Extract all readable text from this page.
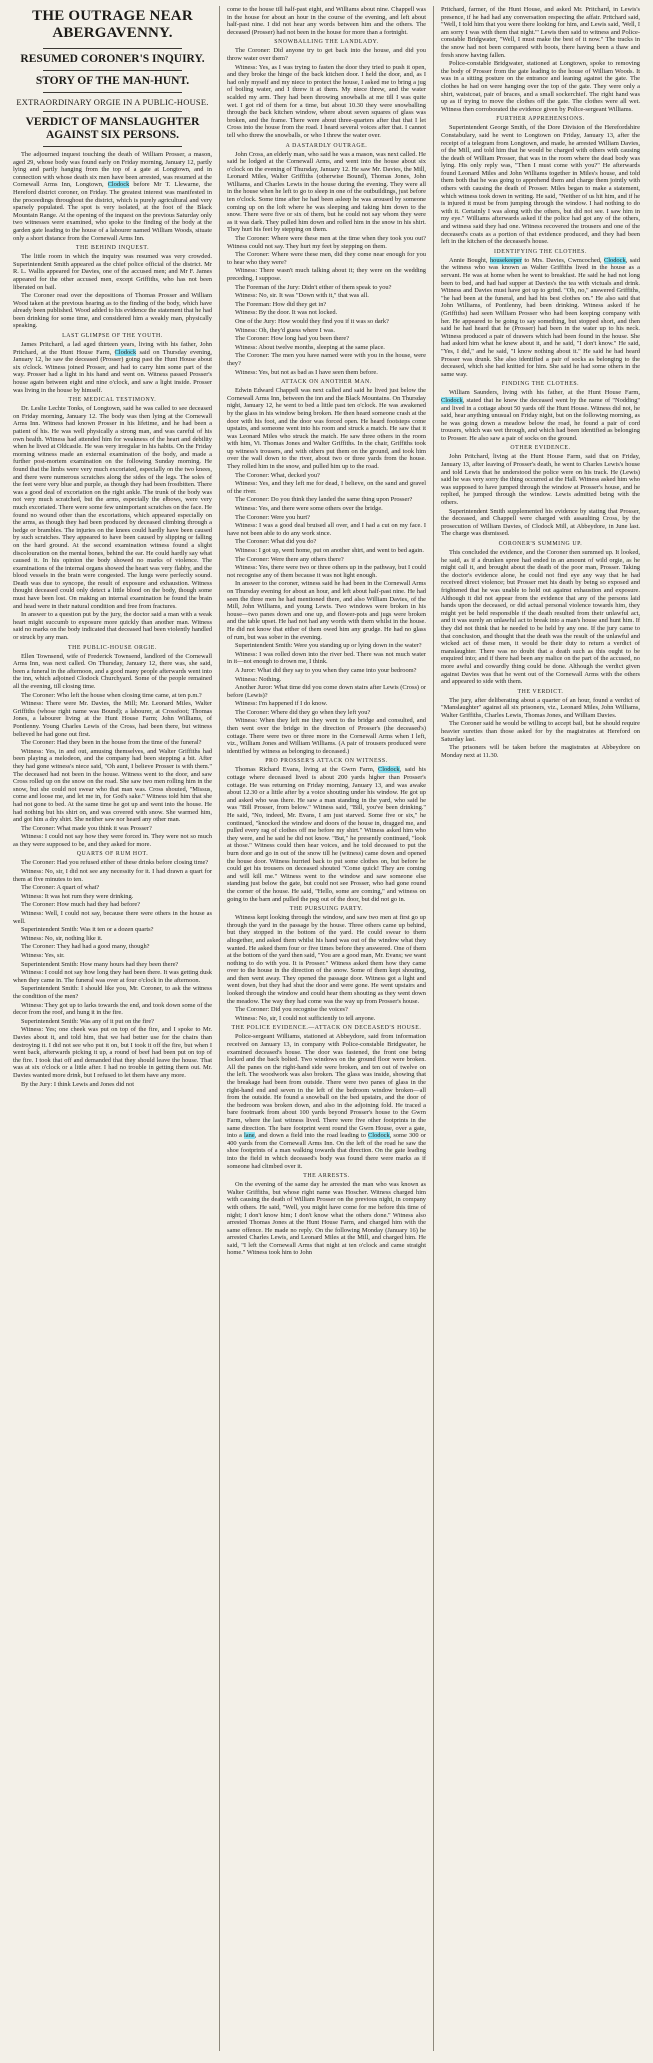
THE OUTRAGE NEAR ABERGAVENNY.
RESUMED CORONER'S INQUIRY.
STORY OF THE MAN-HUNT.
EXTRAORDINARY ORGIE IN A PUBLIC-HOUSE.
VERDICT OF MANSLAUGHTER AGAINST SIX PERSONS.

The adjourned inquest touching the death of William Prosser, a mason, aged 29, whose body was found early on Friday morning, January 12, partly lying and partly hanging from the top of a gate at Longtown, and in connection with whose death six men have been arrested, was resumed at the Cornewall Arms Inn, Longtown, Clodock before Mr T. Llewarne, the Hereford district coroner, on Friday. The greatest interest was manifested in the proceedings throughout the district, which is purely agricultural and very sparsely populated. The spot is very isolated, at the foot of the Black Mountain Range. At the opening of the inquest on the previous Saturday only two witnesses were examined, who spoke to the finding of the body at the garden gate leading to the house of a labourer named William Woods, situate only a short distance from the Cornewall Arms Inn.

THE BEHIND INQUEST.

The little room in which the inquiry was resumed was very crowded. Superintendent Smith appeared as the chief police official of the district. Mr R. L. Wallis appeared for Davies, one of the accused men; and Mr F. James appeared for the other accused men, except Griffiths, who has not been liberated on bail.

The Coroner read over the depositions of Thomas Prosser and William Wood taken at the previous hearing as to the finding of the body, which have already been published. Wood added to his evidence the statement that he had been drinking for some time, and considered him a weakly man, physically speaking.

LAST GLIMPSE OF THE YOUTH.

James Pritchard, a lad aged thirteen years, living with his father, John Pritchard, at the Hunt House Farm, Clodock said on Thursday evening, January 12, he saw the deceased (Prosser) going past the Hunt House about six o'clock. Witness joined Prosser, and had to carry him some part of the way. Prosser had a light in his hand and went on. Witness passed Prosser's house again between eight and nine o'clock, and saw a light inside. Prosser was living in the house by himself.

THE MEDICAL TESTIMONY.

Dr. Leslie Lechte Tonks, of Longtown, said he was called to see deceased on Friday morning, January 12. The body was then lying at the Cornewall Arms Inn. Witness had known Prosser in his lifetime, and he had been a patient of his. He was well physically a strong man, and was careful of his own health. Witness had attended him for weakness of the heart and debility when he lived at Oldcastle. He was very irregular in his habits. On the Friday morning witness made an external examination of the body, and made a further post-mortem examination on the following Sunday morning. He found that the limbs were very much excoriated, especially on the two knees, and there were numerous scratches along the sides of the legs. The soles of the feet were very blue and purple, as though they had been frostbitten. There was a good deal of excoriation on the right ankle. The trunk of the body was not very much scratched, but the arms, especially the elbows, were very much excoriated. There were some few unimportant scratches on the face. He found no wound other than the excoriations, which appeared especially on the arms, as though they had been produced by deceased climbing through a hedge or brambles. The injuries on the knees could hardly have been caused by such scratches. They appeared to have been caused by slipping or falling on the hard ground. At the second examination witness found a slight discolouration on the mental bones, behind the ear. He could hardly say what caused it. In his opinion the body showed no marks of violence. The examinations of the internal organs showed the heart was very flabby, and the blood vessels in the brain were congested. The lungs were perfectly sound. Death was due to syncope, the result of exposure and exhaustion. Witness thought deceased could only detect a little blood on the body, though some must have been lost. On making an internal examination he found the brain and head were in their natural condition and free from fractures.

In answer to a question put by the jury, the doctor said a man with a weak heart might succumb to exposure more quickly than another man. Witness said no marks on the body indicated that deceased had been violently handled or struck by any man.

THE PUBLIC-HOUSE ORGIE.

Ellen Townsend, wife of Frederick Townsend, landlord of the Cornewall Arms Inn, was next called. On Thursday, January 12, there was, she said, been a funeral in the afternoon, and a good many people afterwards went into the inn, which adjoined Clodock Churchyard. Some of the people remained all the evening, till closing time.

The Coroner: Who left the house when closing time came, at ten p.m.?

Witness: There were Mr. Davies, the Mill; Mr. Leonard Miles, Walter Griffiths (whose right name was Bound); a labourer, at Crossfoot; Thomas Jones, a labourer living at the Hunt House Farm; John Williams, of Pontlenny. Young Charles Lewis of the Cross, had been there, but witness believed he had gone out first.

The Coroner: Had they been in the house from the time of the funeral?

Witness: Yes, in and out, amusing themselves, and Walter Griffiths had been playing a melodeon, and the company had been stepping a bit. After they had gone witness's niece said, "Oh aunt, I believe Prosser is with them." The deceased had not been in the house. Witness went to the door, and saw Cross rolled up on the snow on the road. She saw two men rolling him in the snow, but she could not swear who that man was. Cross shouted, "Missus, come and loose me, and let me in, for God's sake." Witness told him that she had not gone to bed. At the same time he got up and went into the house. He had nothing but his shirt on, and was covered with snow. She warmed him, and got him a dry shirt. She neither saw nor heard any other man.

The Coroner: What made you think it was Prosser?

Witness: I could not say how they were forced in. They were not so much as they were supposed to be, and they asked for more.

QUARTS OF RUM HOT.

The Coroner: Had you refused either of these drinks before closing time?

Witness: No, sir, I did not see any necessity for it. I had drawn a quart for them at five minutes to ten.

The Coroner: A quart of what?

Witness: It was hot rum they were drinking.

The Coroner: How much had they had before?

Witness: Well, I could not say, because there were others in the house as well.

Superintendent Smith: Was it ten or a dozen quarts?

Witness: No, sir, nothing like it.

The Coroner: They had had a good many, though?

Witness: Yes, sir.

Superintendent Smith: How many hours had they been there?

Witness: I could not say how long they had been there. It was getting dusk when they came in. The funeral was over at four o'clock in the afternoon.

Superintendent Smith: I should like you, Mr. Coroner, to ask the witness the condition of the men?

Witness: They got up to larks towards the end, and took down some of the decor from the roof, and hung it in the fire.

Superintendent Smith: Was any of it put on the fire?

Witness: Yes; one cheek was put on top of the fire, and I spoke to Mr. Davies about it, and told him, that we had better use for the chairs than destroying it. I did not see who put it on, but I took it off the fire, but when I went back, afterwards picking it up, a round of beef had been put on top of the fire. I took that off and demanded that they should leave the house. That was at six o'clock or a little after. I had no trouble in getting them out. Mr. Davies wanted more drink, but I refused to let them have any more.

By the Jury: I think Lewis and Jones did not

come to the house till half-past eight, and Williams about nine. Chappell was in the house for about an hour in the course of the evening, and left about half-past nine. I did not hear any words between him and the others. The deceased (Prosser) had not been in the house for more than a fortnight.

SNOWBALLING THE LANDLADY.

The Coroner: Did anyone try to get back into the house, and did you throw water over them?

Witness: Yes, as I was trying to fasten the door they tried to push it open, and they broke the hinge of the back kitchen door. I held the door, and, as I had only myself and my niece to protect the house, I asked me to bring a jug of boiling water, and I threw it at them. My niece threw, and the water scalded my arm. They had been throwing snowballs at me till I was quite wet. I got rid of them for a time, but about 10.30 they were snowballing through the back kitchen window, where about seven squares of glass was broken, and the frame. There were about three-quarters after that that I let Cross into the house from the road. I heard several voices after that. I cannot tell who threw the snowballs, or who I threw the water over.

A DASTARDLY OUTRAGE.

John Cross, an elderly man, who said he was a mason, was next called. He said he lodged at the Cornewall Arms, and went into the house about six o'clock on the evening of Thursday, January 12. He saw Mr. Davies, the Mill, Leonard Miles, Walter Griffiths (otherwise Bound), Thomas Jones, John Williams, and Charles Lewis in the house during the evening. They were all in the house when he left to go to sleep in one of the outbuildings, just before ten o'clock. Some time after he had been asleep he was aroused by someone coming up on the loft where he was sleeping and taking him down to the snow. There were five or six of them, but he could not say whom they were as it was dark. They pulled him down and rolled him in the snow in his shirt. They hurt his feet by stepping on them.

The Coroner: Where were these men at the time when they took you out? Witness could not say. They hurt my feet by stepping on them.

The Coroner: Where were these men, did they come near enough for you to hear who they were?

Witness: There wasn't much talking about it; they were on the wedding preceding, I suppose.

The Foreman of the Jury: Didn't either of them speak to you?

Witness: No, sir. It was "Down with it," that was all.

The Foreman: How did they get in?

Witness: By the door. It was not locked.

One of the Jury: How would they find you if it was so dark?

Witness: Oh, they'd guess where I was.

The Coroner: How long had you been there?

Witness: About twelve months, sleeping at the same place.

The Coroner: The men you have named were with you in the house, were they?

Witness: Yes, but not as bad as I have seen them before.

ATTACK ON ANOTHER MAN.

Edwin Edward Chappell was next called and said he lived just below the Cornewall Arms Inn, between the inn and the Black Mountains. On Thursday night, January 12, he went to bed a little past ten o'clock. He was awakened by the glass in his window being broken. He then heard someone crash at the door with his foot, and the door was forced open. He heard footsteps come upstairs, and someone went into his room and struck a match. He saw that it was Leonard Miles who struck the match. He saw three others in the room with him, Vi. Thomas Jones and Walter Griffiths. In the chair, Griffiths took up witness's trousers, and with others put them on the ground, and took him over the wall down to the river, about two or three yards from the house. They rolled him in the snow, and pulled him up to the road.

The Coroner: What, decked you?

Witness: Yes, and they left me for dead, I believe, on the sand and gravel of the river.

The Coroner: Do you think they landed the same thing upon Prosser?

Witness: Yes, and there were some others over the bridge.

The Coroner: Were you hurt?

Witness: I was a good deal bruised all over, and I had a cut on my face. I have not been able to do any work since.

The Coroner: What did you do?

Witness: I got up, went home, put on another shirt, and went to bed again.

The Coroner: Were there any others there?

Witness: Yes, there were two or three others up in the pathway, but I could not recognise any of them because it was not light enough.

In answer to the coroner, witness said he had been in the Cornewall Arms on Thursday evening for about an hour, and left about half-past nine. He had seen the three men he had mentioned there, and also William Davies, of the Mill, John Williams, and young Lewis. Two windows were broken in his house—two panes down and one up, and flower-pots and jugs were broken and the table upset. He had not had any words with them whilst in the house. He did not know that either of them owed him any grudge. He had no glass of rum, but was sober in the evening.

Superintendent Smith: Were you standing up or lying down in the water?

Witness: I was rolled down into the river bed. There was not much water in it—not enough to drown me, I think.

A Juror: What did they say to you when they came into your bedroom?

Witness: Nothing.

Another Juror: What time did you come down stairs after Lewis (Cross) or before (Lewis)?

Witness: I'm happened if I do know.

The Coroner: Where did they go when they left you?

Witness: When they left me they went to the bridge and consulted, and then went over the bridge in the direction of Prosser's (the deceased's) cottage. There were two or three more in the Cornewall Arms when I left, viz., William Jones and William Williams. (A pair of trousers produced were identified by witness as belonging to deceased.)

PRO PROSSER'S ATTACK ON WITNESS.

Thomas Richard Evans, living at the Gwrn Farm, Clodock, said his cottage where deceased lived is about 200 yards higher than Prosser's cottage. He was returning on Friday morning, January 13, and was awake about 12.30 or a little after by a voice shouting under his window. He got up and asked who was there. He saw a man standing in the yard, who said he was "Bill Prosser, from below." Witness said, "Bill, you've been drinking." He said, "No, indeed, Mr. Evans, I am just starved. Some five or six," he continued, "knocked the window and doors of the house in, dragged me, and pulled every rag of clothes off me before my shirt." Witness asked him who they were, and he said he did not know. "But," he presently continued, "look at those." Witness could then hear voices, and he told deceased to put the burn door and go in out of the snow till he (witness) came down and opened the house door. Witness hurried back to put some clothes on, but before he could get his trousers on deceased shouted "Come quick! They are coming and will kill me." Witness went to the window and saw someone else standing just below the gate, but could not see Prosser, who had gone round the corner of the house. He said, "Hello, some are coming," and witness on going to the barn and pulled the peg out of the door, but did not go in.

THE PURSUING PARTY.

Witness kept looking through the window, and saw two men at first go up through the yard in the passage by the house. Three others came up behind, but they stopped in the bottom of the yard. He could swear to them altogether, and asked them whilst his hand was out of the window what they wanted. He asked them four or five times before they answered. One of them at the bottom of the yard then said, "You are a good man, Mr. Evans; we want nothing to do with you. It is Prosser." Witness asked them how they came over to the house in the direction of the snow. Some of them kept shouting, and then went away. They opened the passage door. Witness got a light and went down, but they had shut the door and were gone. He went upstairs and looked through the window and could hear them shouting as they went down the meadow. The way they had come was the way up from Prosser's house.

The Coroner: Did you recognise the voices?

Witness: No, sir, I could not sufficiently to tell anyone.

THE POLICE EVIDENCE.—ATTACK ON DECEASED'S HOUSE.

Police-sergeant Williams, stationed at Abbeydore, said from information received on January 13, in company with Police-constable Bridgwater, he examined deceased's house. The door was fastened, the front one being locked and the back bolted. Two windows on the ground floor were broken. All the panes on the right-hand side were broken, and ten out of twelve on the left. The woodwork was also broken. The glass was inside, showing that the breakage had been from outside. There were two panes of glass in the right-hand end and seven in the left of the bedroom window broken—all from the outside. He found a snowball on the bed upstairs, and the door of the bedroom was broken down, and also in the adjoining fold. He traced a bare footmark from about 100 yards beyond Prosser's house to the Gwrn Farm, where the last witness lived. There were five other footprints in the same direction. The bare footprint went round the Gwrn House, over a gate, into a lane, and down a field into the road leading to Clodock, some 300 or 400 yards from the Cornewall Arms Inn. On the left of the road he saw the shoe footprints of a man walking towards that direction. On the gate leading into the field in which deceased's body was found there were marks as if someone had climbed over it.

THE ARRESTS.

On the evening of the same day he arrested the man who was known as Walter Griffiths, but whose right name was Hoscher. Witness charged him with causing the death of William Prosser on the previous night, in company with others. He said, "Well, you might have come for me before this time of night; I don't know him; I don't know what the others done." Witness also arrested Thomas Jones at the Hunt House Farm, and charged him with the same offence. He made no reply. On the following Monday (January 16) he arrested Charles Lewis, and Leonard Miles at the Mill, and charged him. He said, "I left the Cornewall Arms that night at ten o'clock and came straight home." Witness took him to John

Pritchard, farmer, of the Hunt House, and asked Mr. Pritchard, in Lewis's presence, if he had had any conversation respecting the affair. Pritchard said, "Well, I told him that you were there looking for him, and Lewis said, 'Well, I am sorry I was with them that night.'" Lewis then said to witness and Police-constable Bridgwater, "Well, I must make the best of it now." The tracks in the snow had not been compared with boots, there having been a thaw and fresh snow having fallen.

Police-constable Bridgwater, stationed at Longtown, spoke to removing the body of Prosser from the gate leading to the house of William Woods. It was in a sitting posture on the entrance and leaning against the gate. The clothes he had on were hanging over the top of the gate. They were only a shirt, waistcoat, pair of braces, and a small sockerchief. The right hand was up as if trying to move the clothes off the gate. The clothes were all wet. Witness then corroborated the evidence given by Police-sergeant Williams.

FURTHER APPREHENSIONS.

Superintendent George Smith, of the Dore Division of the Herefordshire Constabulary, said he went to Longtown on Friday, January 13, after the receipt of a telegram from Longtown, and made, he arrested William Davies, of the Mill, and told him that he would be charged with others with causing the death of William Prosser, that was in the room where the dead body was lying. His only reply was, "Then I must come with you?" He afterwards found Leonard Miles and John Williams together in Miles's house, and told them both that he was going to apprehend them and charge them jointly with others with causing the death of Prosser. Miles began to make a statement, which witness took down in writing. He said, "Neither of us hit him, and if he is injured it must be from jumping through the window. I had nothing to do with it. Certainly I was along with the others, but did not see. I saw him in my eye." Williams afterwards asked if the police had got any of the others, and witness said they had one. Witness recovered the trousers and one of the deceased's coats as a portion of that evidence produced, and they had been left in the kitchen of the deceased's house.

IDENTIFYING THE CLOTHES.

Annie Bought, housekeeper to Mrs. Davies, Cwmcoched, Clodock, said the witness who was known as Walter Griffiths lived in the house as a servant. He was at home when he went to breakfast. He said he had not long been to bed, and had had supper at Davies's the tea with victuals and drink. Witness and Davies must have got up to grind. "Oh, no," answered Griffiths, "he had been at the funeral, and had his best clothes on." He also said that John Williams, of Pontlenny, had been drinking. Witness asked if he (Griffiths) had seen William Prosser who had been keeping company with her. He appeared to be going to say something, but stopped short, and then said he had heard that he (Prosser) had been in the water up to his neck. Witness produced a pair of drawers which had been found in the house. She had asked him what he knew about it, and he said, "I don't know." He said, "Yes, I did," and he said, "I know nothing about it." He said he had heard Prosser was drunk. She also identified a pair of socks as belonging to the deceased, which she had knitted for him. She said he had some others in the same way.

FINDING THE CLOTHES.

William Saunders, living with his father, at the Hunt House Farm, Clodock, stated that he knew the deceased went by the name of "Nodding" and lived in a cottage about 50 yards off the Hunt House. Witness did not, he said, hear anything unusual on Friday night, but on the following morning, as he was going down a meadow below the road, he found a pair of cord trousers, which was wet through, and which had been identified as belonging to Prosser. He also saw a pair of socks on the ground.

OTHER EVIDENCE.

John Pritchard, living at the Hunt House Farm, said that on Friday, January 13, after leaving of Prosser's death, he went to Charles Lewis's house and told Lewis that he understood the police were on his track. He (Lewis) said he was very sorry the thing occurred at the Hall. Witness asked him who was supposed to have jumped through the window at Prosser's house, and he replied, he jumped through the window. Lewis admitted being with the others.

Superintendent Smith supplemented his evidence by stating that Prosser, the deceased, and Chappell were charged with assaulting Cross, by the prosecution of William Davies, of Clodock Mill, at Abbeydore, in June last. The charge was dismissed.

CORONER'S SUMMING UP.

This concluded the evidence, and the Coroner then summed up. It looked, he said, as if a drunken spree had ended in an amount of wild orgie, as he might call it, and brought about the death of the poor man, Prosser. Taking the doctor's evidence alone, he could not find eye any way that he had received direct violence; but Prosser met his death by being so exposed and frightened that he was unable to hold out against exhaustion and exposure. Although it did not appear from the evidence that any of the persons laid hands upon the deceased, or did actual personal violence towards him, they might yet be held responsible if the death resulted from their unlawful act, and it was surely an unlawful act to break into a man's house and hunt him. If they did not think that he needed to be held by any one. If the jury came to that conclusion, and thought that the death was the result of the unlawful and wicked act of these men, it would be their duty to return a verdict of manslaughter. There was no doubt that a death such as this ought to be enquired into; and if there had been any malice on the part of the accused, no more awful and cowardly thing could be done. Although the verdict given against Davies was that he went out of the Cornewall Arms with the others and appeared to side with them.

THE VERDICT.

The jury, after deliberating about a quarter of an hour, found a verdict of "Manslaughter" against all six prisoners, viz., Leonard Miles, John Williams, Walter Griffiths, Charles Lewis, Thomas Jones, and William Davies.

The Coroner said he would be willing to accept bail, but he should require heavier sureties than those asked for by the magistrates at Hereford on Saturday last.

The prisoners will be taken before the magistrates at Abbeydore on Monday next at 11.30.
